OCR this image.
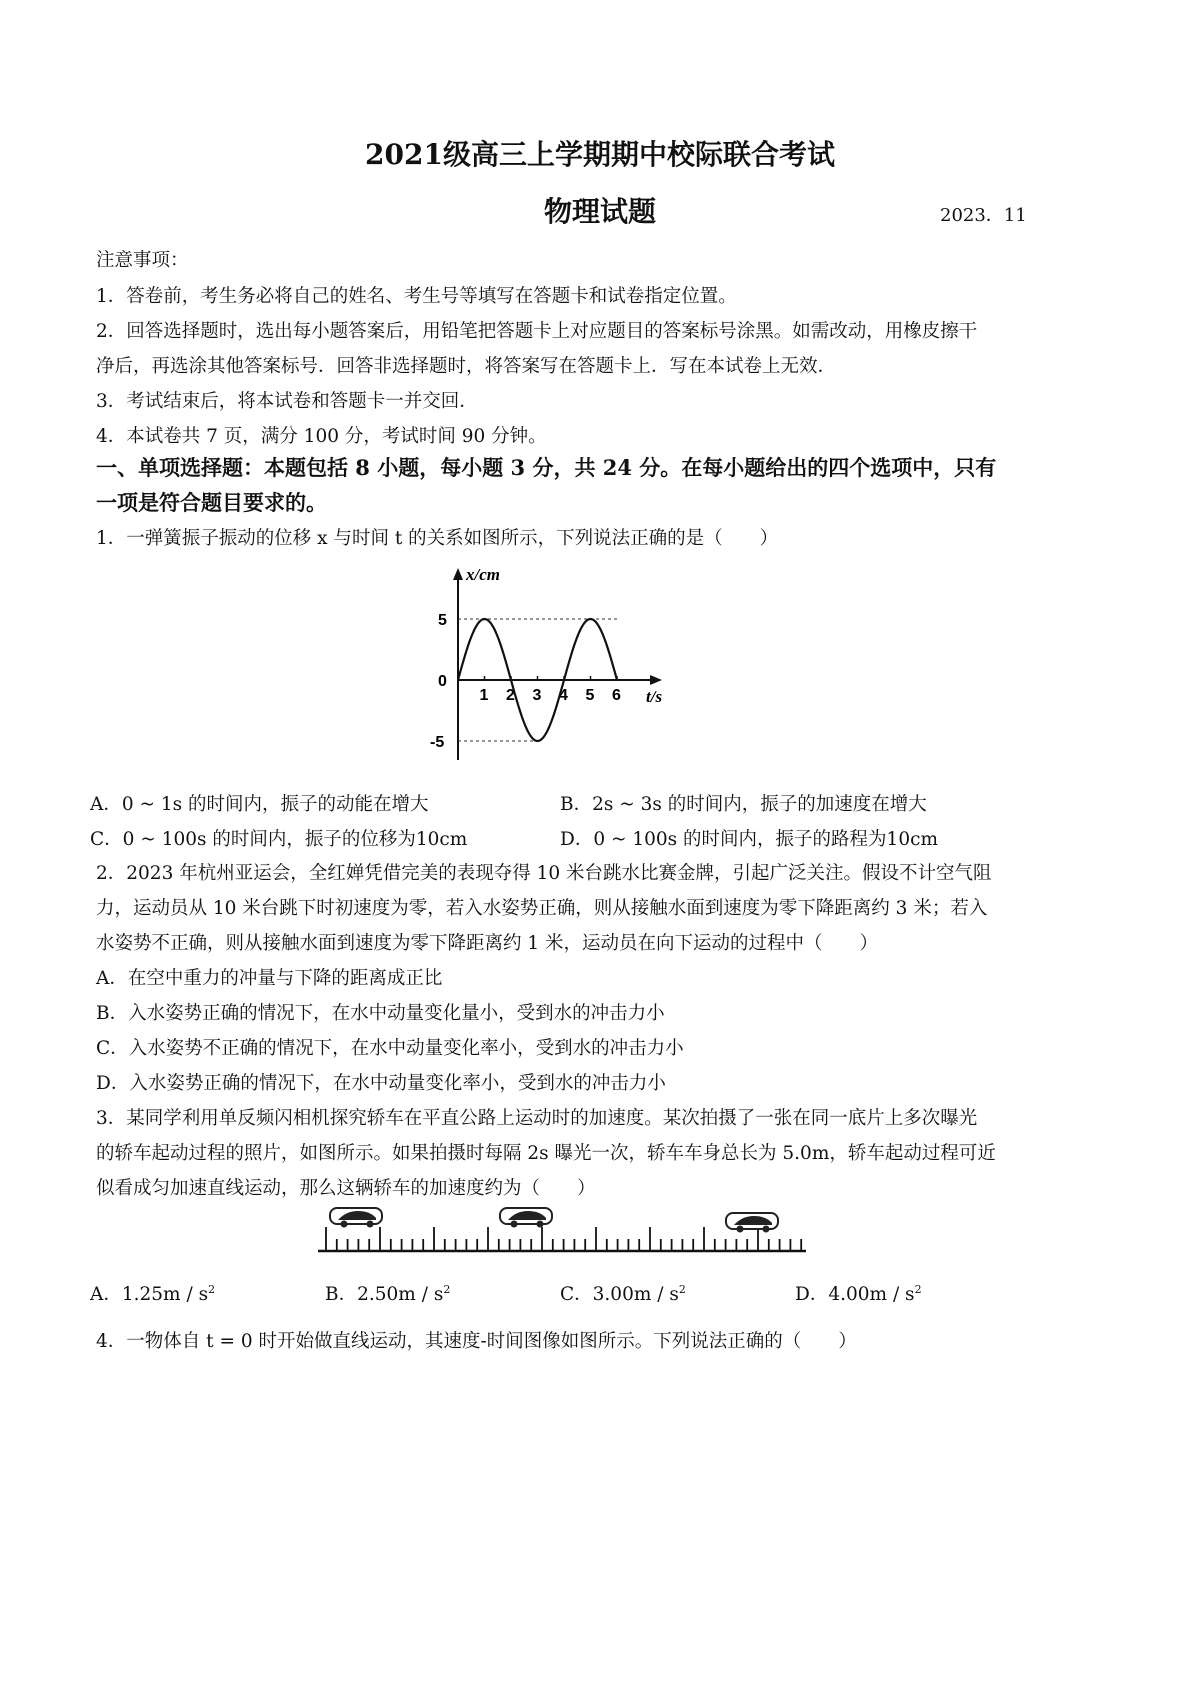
2021级高三上学期期中校际联合考试
物理试题	2023．11
注意事项：
1．答卷前，考生务必将自己的姓名、考生号等填写在答题卡和试卷指定位置。
2．回答选择题时，选出每小题答案后，用铅笔把答题卡上对应题目的答案标号涂黑。如需改动，用橡皮擦干
净后，再选涂其他答案标号．回答非选择题时，将答案写在答题卡上．写在本试卷上无效．
3．考试结束后，将本试卷和答题卡一并交回．
4．本试卷共 7 页，满分 100 分，考试时间 90 分钟。
一、单项选择题：本题包括 8 小题，每小题 3 分，共 24 分。在每小题给出的四个选项中，只有
一项是符合题目要求的。
1．一弹簧振子振动的位移 x 与时间 t 的关系如图所示，下列说法正确的是（　　）
x/cm
t/s
1 2 3 4 5 6
5
0
-5
A．0 ~ 1s 的时间内，振子的动能在增大	B．2s ~ 3s 的时间内，振子的加速度在增大
C．0 ~ 100s 的时间内，振子的位移为10cm	D．0 ~ 100s 的时间内，振子的路程为10cm
2．2023 年杭州亚运会，全红婵凭借完美的表现夺得 10 米台跳水比赛金牌，引起广泛关注。假设不计空气阻
力，运动员从 10 米台跳下时初速度为零，若入水姿势正确，则从接触水面到速度为零下降距离约 3 米；若入
水姿势不正确，则从接触水面到速度为零下降距离约 1 米，运动员在向下运动的过程中（　　）
A．在空中重力的冲量与下降的距离成正比
B．入水姿势正确的情况下，在水中动量变化量小，受到水的冲击力小
C．入水姿势不正确的情况下，在水中动量变化率小，受到水的冲击力小
D．入水姿势正确的情况下，在水中动量变化率小，受到水的冲击力小
3．某同学利用单反频闪相机探究轿车在平直公路上运动时的加速度。某次拍摄了一张在同一底片上多次曝光
的轿车起动过程的照片，如图所示。如果拍摄时每隔 2s 曝光一次，轿车车身总长为 5.0m，轿车起动过程可近
似看成匀加速直线运动，那么这辆轿车的加速度约为（　　）
A．$1.25m / s^2$	B．$2.50m / s^2$	C．$3.00m / s^2$	D．$4.00m / s^2$
4．一物体自 t = 0 时开始做直线运动，其速度-时间图像如图所示。下列说法正确的（　　）
